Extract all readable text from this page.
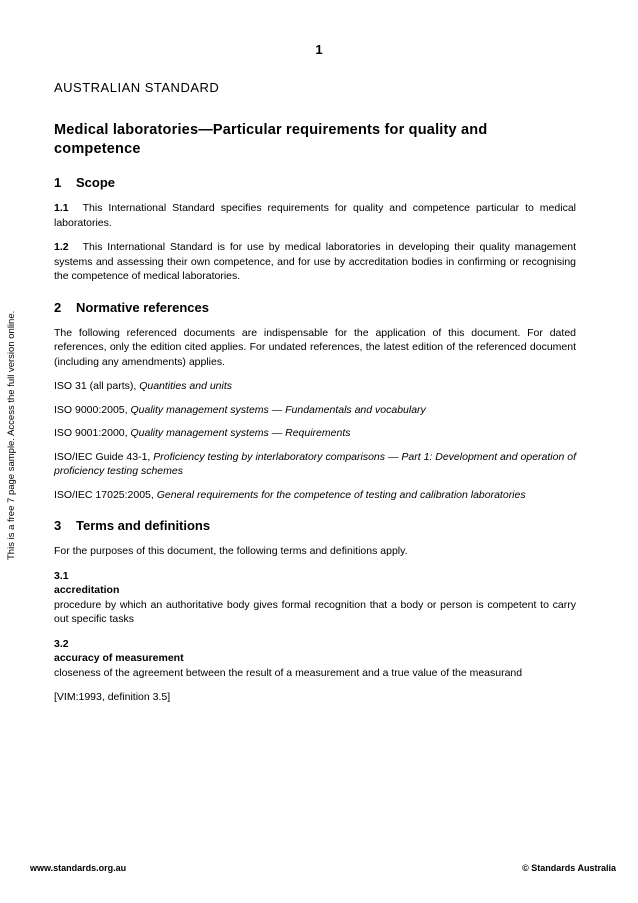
1
This is a free 7 page sample. Access the full version online.
AUSTRALIAN STANDARD
Medical laboratories—Particular requirements for quality and competence
1 Scope

1.1 This International Standard specifies requirements for quality and competence particular to medical laboratories.

1.2 This International Standard is for use by medical laboratories in developing their quality management systems and assessing their own competence, and for use by accreditation bodies in confirming or recognising the competence of medical laboratories.

2 Normative references

The following referenced documents are indispensable for the application of this document. For dated references, only the edition cited applies. For undated references, the latest edition of the referenced document (including any amendments) applies.

ISO 31 (all parts), Quantities and units

ISO 9000:2005, Quality management systems — Fundamentals and vocabulary

ISO 9001:2000, Quality management systems — Requirements

ISO/IEC Guide 43-1, Proficiency testing by interlaboratory comparisons — Part 1: Development and operation of proficiency testing schemes

ISO/IEC 17025:2005, General requirements for the competence of testing and calibration laboratories

3 Terms and definitions

For the purposes of this document, the following terms and definitions apply.

3.1
accreditation

procedure by which an authoritative body gives formal recognition that a body or person is competent to carry out specific tasks

3.2
accuracy of measurement

closeness of the agreement between the result of a measurement and a true value of the measurand

[VIM:1993, definition 3.5]

www.standards.org.au	© Standards Australia
